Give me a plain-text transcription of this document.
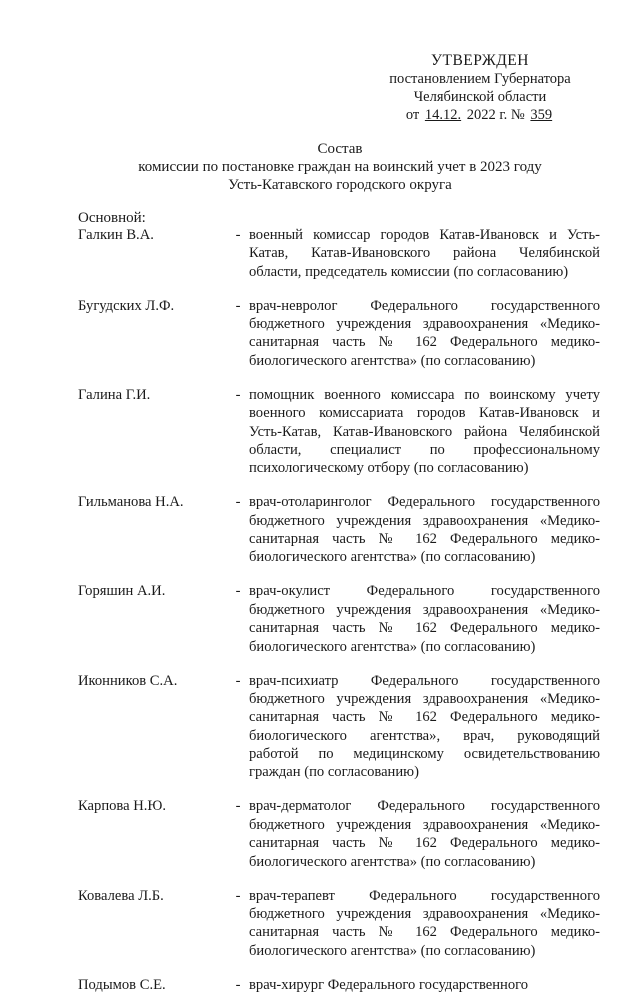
УТВЕРЖДЕН
постановлением Губернатора
Челябинской области
от 14.12. 2022 г. № 359
Состав
комиссии по постановке граждан на воинский учет в 2023 году
Усть-Катавского городского округа
Основной:
Галкин В.А.	- военный комиссар городов Катав-Ивановск и Усть-
Катав, Катав-Ивановского района Челябинской
области, председатель комиссии (по согласованию)
Бугудских Л.Ф.	- врач-невролог Федерального государственного
бюджетного учреждения здравоохранения «Медико-
санитарная часть № 162 Федерального медико-
биологического агентства» (по согласованию)
Галина Г.И.	- помощник военного комиссара по воинскому учету
военного комиссариата городов Катав-Ивановск и
Усть-Катав, Катав-Ивановского района Челябинской
области, специалист по профессиональному
психологическому отбору (по согласованию)
Гильманова Н.А.	- врач-отоларинголог Федерального государственного
бюджетного учреждения здравоохранения «Медико-
санитарная часть № 162 Федерального медико-
биологического агентства» (по согласованию)
Горяшин А.И.	- врач-окулист Федерального государственного
бюджетного учреждения здравоохранения «Медико-
санитарная часть № 162 Федерального медико-
биологического агентства» (по согласованию)
Иконников С.А.	- врач-психиатр Федерального государственного
бюджетного учреждения здравоохранения «Медико-
санитарная часть № 162 Федерального медико-
биологического агентства», врач, руководящий
работой по медицинскому освидетельствованию
граждан (по согласованию)
Карпова Н.Ю.	- врач-дерматолог Федерального государственного
бюджетного учреждения здравоохранения «Медико-
санитарная часть № 162 Федерального медико-
биологического агентства» (по согласованию)
Ковалева Л.Б.	- врач-терапевт Федерального государственного
бюджетного учреждения здравоохранения «Медико-
санитарная часть № 162 Федерального медико-
биологического агентства» (по согласованию)
Подымов С.Е.	- врач-хирург Федерального государственного
